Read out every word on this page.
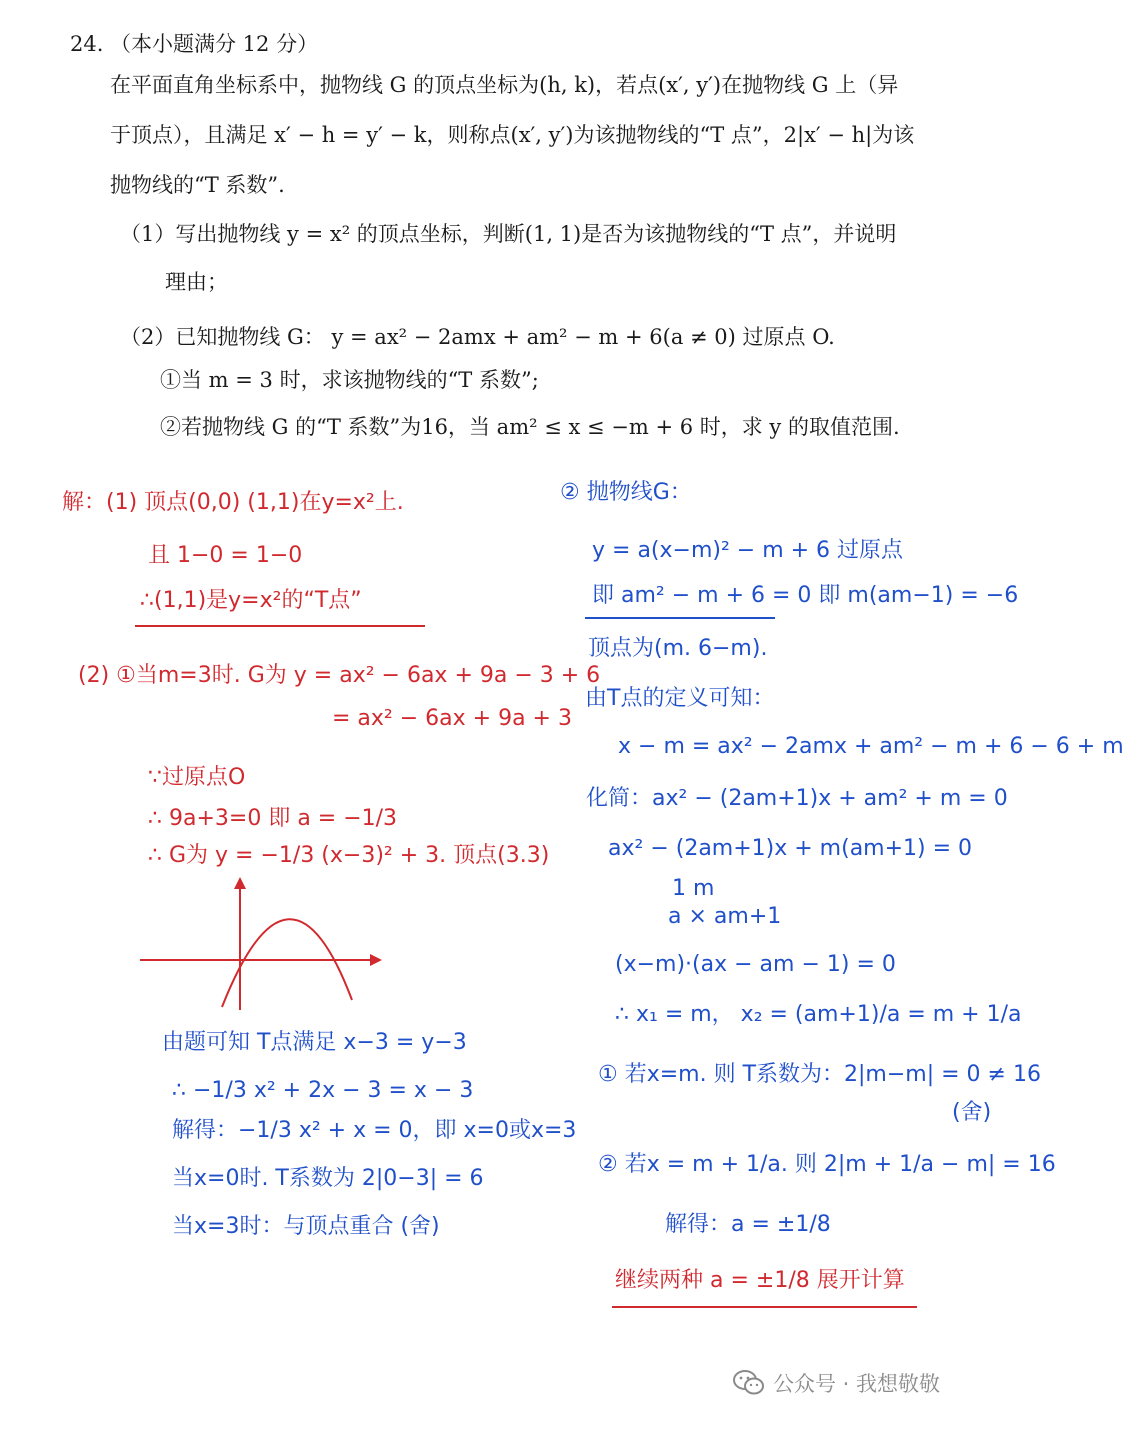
24. （本小题满分 12 分）
在平面直角坐标系中，抛物线 G 的顶点坐标为(h, k)，若点(x′, y′)在抛物线 G 上（异
于顶点），且满足 x′ − h = y′ − k，则称点(x′, y′)为该抛物线的“T 点”，2|x′ − h|为该
抛物线的“T 系数”.
（1）写出抛物线 y = x² 的顶点坐标，判断(1, 1)是否为该抛物线的“T 点”，并说明
理由；
（2）已知抛物线 G： y = ax² − 2amx + am² − m + 6(a ≠ 0) 过原点 O.
①当 m = 3 时，求该抛物线的“T 系数”;
②若抛物线 G 的“T 系数”为16，当 am² ≤ x ≤ −m + 6 时，求 y 的取值范围.
解：(1) 顶点(0,0) (1,1)在y=x²上.
且 1−0 = 1−0
∴(1,1)是y=x²的“T点”
(2) ①当m=3时. G为 y = ax² − 6ax + 9a − 3 + 6
= ax² − 6ax + 9a + 3
∵过原点O
∴ 9a+3=0 即 a = −1/3
∴ G为 y = −1/3 (x−3)² + 3. 顶点(3.3)
由题可知 T点满足 x−3 = y−3
∴ −1/3 x² + 2x − 3 = x − 3
解得：−1/3 x² + x = 0，即 x=0或x=3
当x=0时. T系数为 2|0−3| = 6
当x=3时：与顶点重合 (舍)
② 抛物线G：
y = a(x−m)² − m + 6 过原点
即 am² − m + 6 = 0 即 m(am−1) = −6
顶点为(m. 6−m).
由T点的定义可知：
x − m = ax² − 2amx + am² − m + 6 − 6 + m
化简：ax² − (2am+1)x + am² + m = 0
ax² − (2am+1)x + m(am+1) = 0
1 m
a × am+1
(x−m)·(ax − am − 1) = 0
∴ x₁ = m， x₂ = (am+1)/a = m + 1/a
① 若x=m. 则 T系数为：2|m−m| = 0 ≠ 16
(舍)
② 若x = m + 1/a. 则 2|m + 1/a − m| = 16
解得：a = ±1/8
继续两种 a = ±1/8 展开计算
公众号 · 我想敬敬
